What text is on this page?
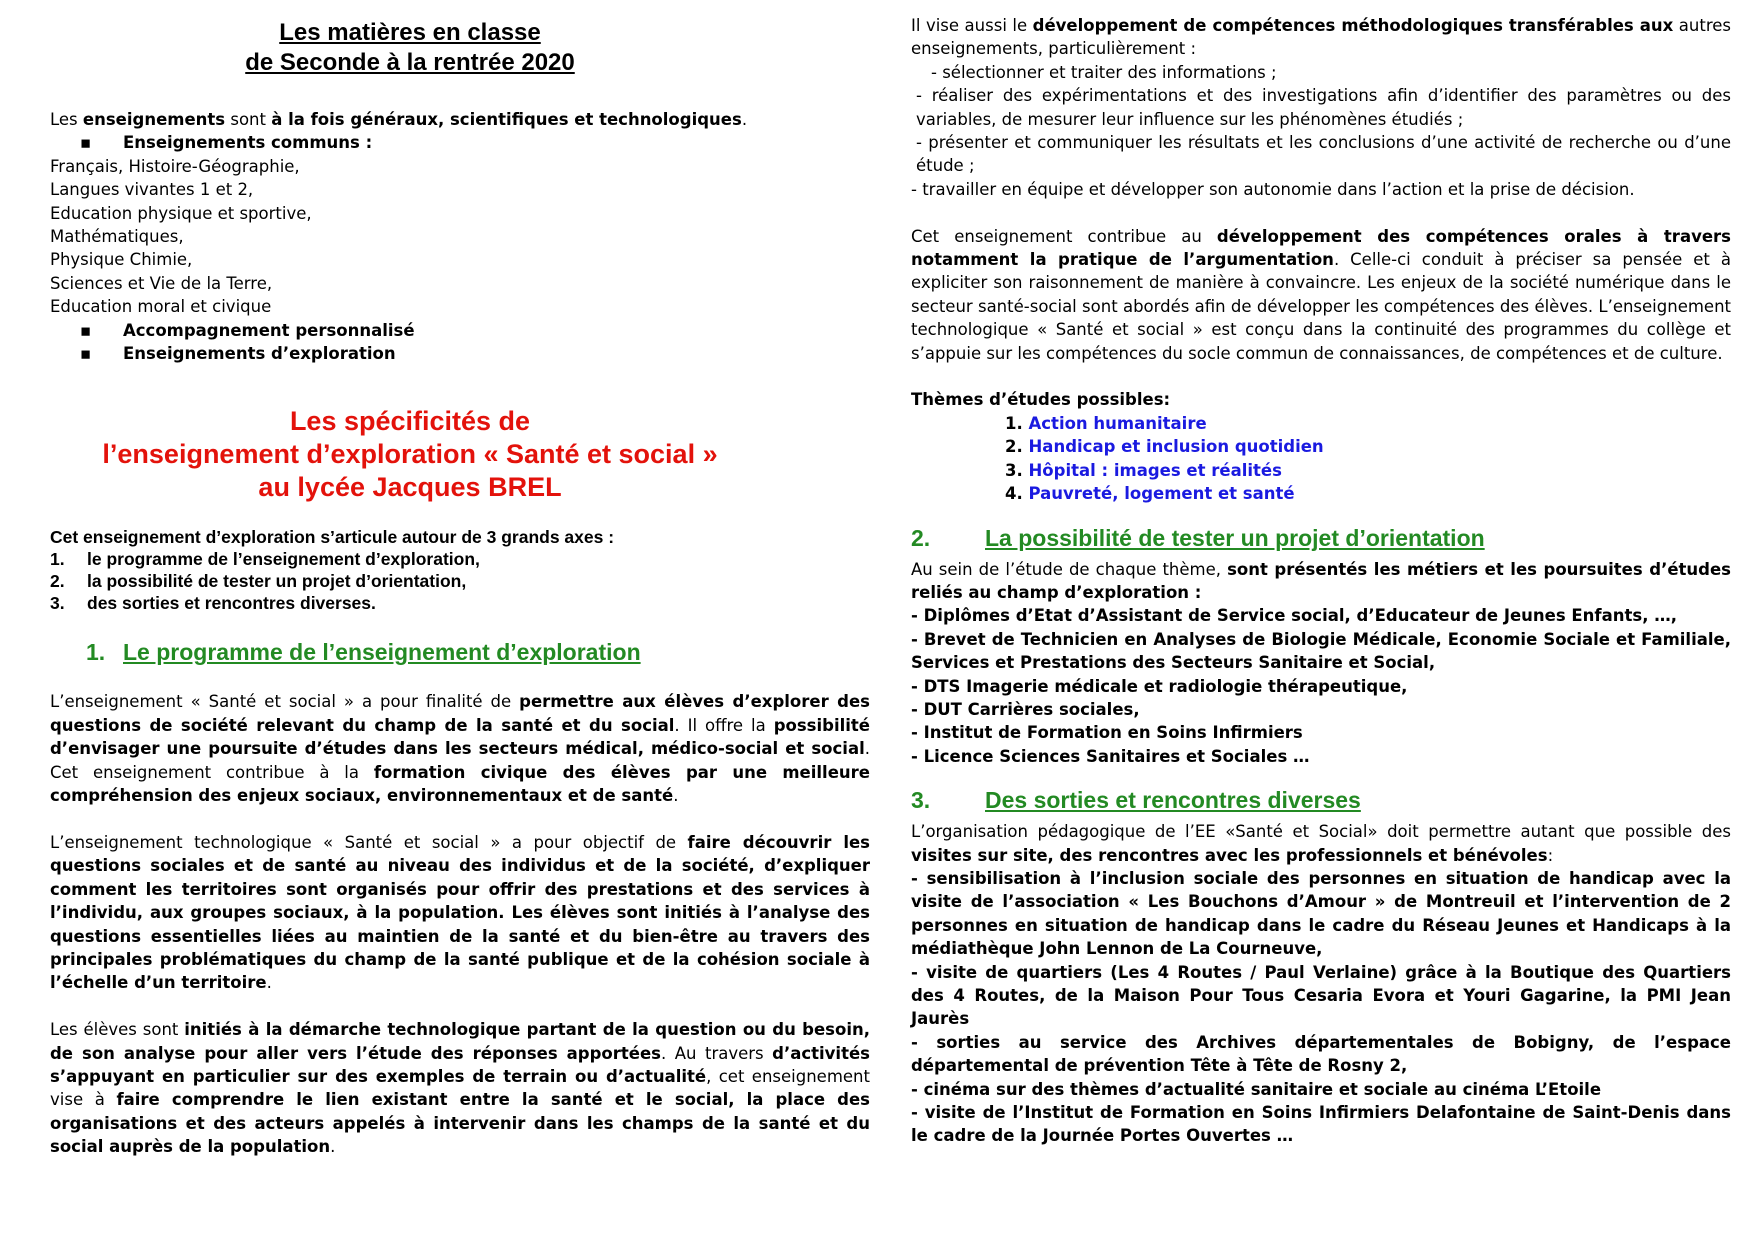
Les matières en classe

de Seconde à la rentrée 2020

Les enseignements sont à la fois généraux, scientifiques et technologiques.

▪ Enseignements communs :
Français, Histoire-Géographie,
Langues vivantes 1 et 2,
Education physique et sportive,
Mathématiques,
Physique Chimie,
Sciences et Vie de la Terre,
Education moral et civique
▪ Accompagnement personnalisé
▪ Enseignements d’exploration

Les spécificités de

l’enseignement d’exploration « Santé et social »

au lycée Jacques BREL

Cet enseignement d’exploration s’articule autour de 3 grands axes :
1. le programme de l’enseignement d’exploration,
2. la possibilité de tester un projet d’orientation,
3. des sorties et rencontres diverses.

1. Le programme de l’enseignement d’exploration

L’enseignement « Santé et social » a pour finalité de permettre aux élèves d’explorer des questions de société relevant du champ de la santé et du social. Il offre la possibilité d’envisager une poursuite d’études dans les secteurs médical, médico-social et social. Cet enseignement contribue à la formation civique des élèves par une meilleure compréhension des enjeux sociaux, environnementaux et de santé.

L’enseignement technologique « Santé et social » a pour objectif de faire découvrir les questions sociales et de santé au niveau des individus et de la société, d’expliquer comment les territoires sont organisés pour offrir des prestations et des services à l’individu, aux groupes sociaux, à la population. Les élèves sont initiés à l’analyse des questions essentielles liées au maintien de la santé et du bien-être au travers des principales problématiques du champ de la santé publique et de la cohésion sociale à l’échelle d’un territoire.

Les élèves sont initiés à la démarche technologique partant de la question ou du besoin, de son analyse pour aller vers l’étude des réponses apportées. Au travers d’activités s’appuyant en particulier sur des exemples de terrain ou d’actualité, cet enseignement vise à faire comprendre le lien existant entre la santé et le social, la place des organisations et des acteurs appelés à intervenir dans les champs de la santé et du social auprès de la population.

Il vise aussi le développement de compétences méthodologiques transférables aux autres enseignements, particulièrement :

- sélectionner et traiter des informations ;
- réaliser des expérimentations et des investigations afin d’identifier des paramètres ou des variables, de mesurer leur influence sur les phénomènes étudiés ;
- présenter et communiquer les résultats et les conclusions d’une activité de recherche ou d’une étude ;
- travailler en équipe et développer son autonomie dans l’action et la prise de décision.

Cet enseignement contribue au développement des compétences orales à travers notamment la pratique de l’argumentation. Celle-ci conduit à préciser sa pensée et à expliciter son raisonnement de manière à convaincre. Les enjeux de la société numérique dans le secteur santé-social sont abordés afin de développer les compétences des élèves. L’enseignement technologique « Santé et social » est conçu dans la continuité des programmes du collège et s’appuie sur les compétences du socle commun de connaissances, de compétences et de culture.

Thèmes d’études possibles:
1. Action humanitaire
2. Handicap et inclusion quotidien
3. Hôpital : images et réalités
4. Pauvreté, logement et santé

2. La possibilité de tester un projet d’orientation

Au sein de l’étude de chaque thème, sont présentés les métiers et les poursuites d’études reliés au champ d’exploration :

- Diplômes d’Etat d’Assistant de Service social, d’Educateur de Jeunes Enfants, …,
- Brevet de Technicien en Analyses de Biologie Médicale, Economie Sociale et Familiale, Services et Prestations des Secteurs Sanitaire et Social,
- DTS Imagerie médicale et radiologie thérapeutique,
- DUT Carrières sociales,
- Institut de Formation en Soins Infirmiers
- Licence Sciences Sanitaires et Sociales …

3. Des sorties et rencontres diverses

L’organisation pédagogique de l’EE «Santé et Social» doit permettre autant que possible des visites sur site, des rencontres avec les professionnels et bénévoles:

- sensibilisation à l’inclusion sociale des personnes en situation de handicap avec la visite de l’association « Les Bouchons d’Amour » de Montreuil et l’intervention de 2 personnes en situation de handicap dans le cadre du Réseau Jeunes et Handicaps à la médiathèque John Lennon de La Courneuve,
- visite de quartiers (Les 4 Routes / Paul Verlaine) grâce à la Boutique des Quartiers des 4 Routes, de la Maison Pour Tous Cesaria Evora et Youri Gagarine, la PMI Jean Jaurès
- sorties au service des Archives départementales de Bobigny, de l’espace départemental de prévention Tête à Tête de Rosny 2,
- cinéma sur des thèmes d’actualité sanitaire et sociale au cinéma L’Etoile
- visite de l’Institut de Formation en Soins Infirmiers Delafontaine de Saint-Denis dans le cadre de la Journée Portes Ouvertes …
